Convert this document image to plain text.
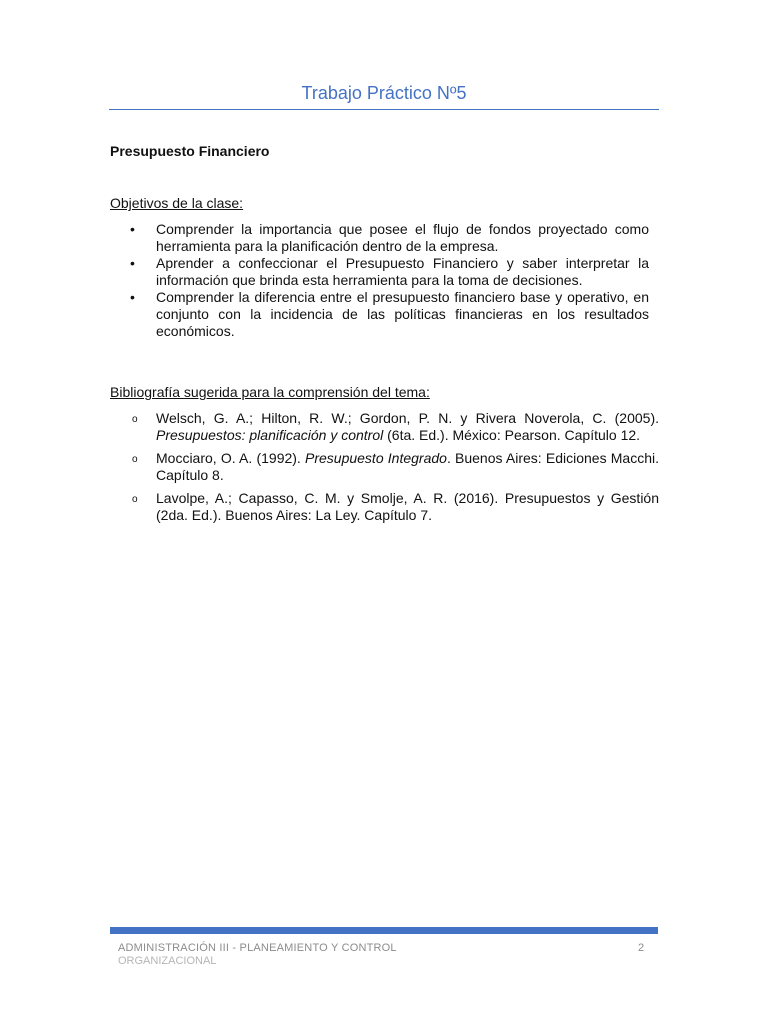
Trabajo Práctico Nº5
Presupuesto Financiero
Objetivos de la clase:
• Comprender la importancia que posee el flujo de fondos proyectado como herramienta para la planificación dentro de la empresa.
• Aprender a confeccionar el Presupuesto Financiero y saber interpretar la información que brinda esta herramienta para la toma de decisiones.
• Comprender la diferencia entre el presupuesto financiero base y operativo, en conjunto con la incidencia de las políticas financieras en los resultados económicos.
Bibliografía sugerida para la comprensión del tema:
o Welsch, G. A.; Hilton, R. W.; Gordon, P. N. y Rivera Noverola, C. (2005). Presupuestos: planificación y control (6ta. Ed.). México: Pearson. Capítulo 12.
o Mocciaro, O. A. (1992). Presupuesto Integrado. Buenos Aires: Ediciones Macchi. Capítulo 8.
o Lavolpe, A.; Capasso, C. M. y Smolje, A. R. (2016). Presupuestos y Gestión (2da. Ed.). Buenos Aires: La Ley. Capítulo 7.
ADMINISTRACIÓN III - PLANEAMIENTO Y CONTROL
ORGANIZACIONAL
2
